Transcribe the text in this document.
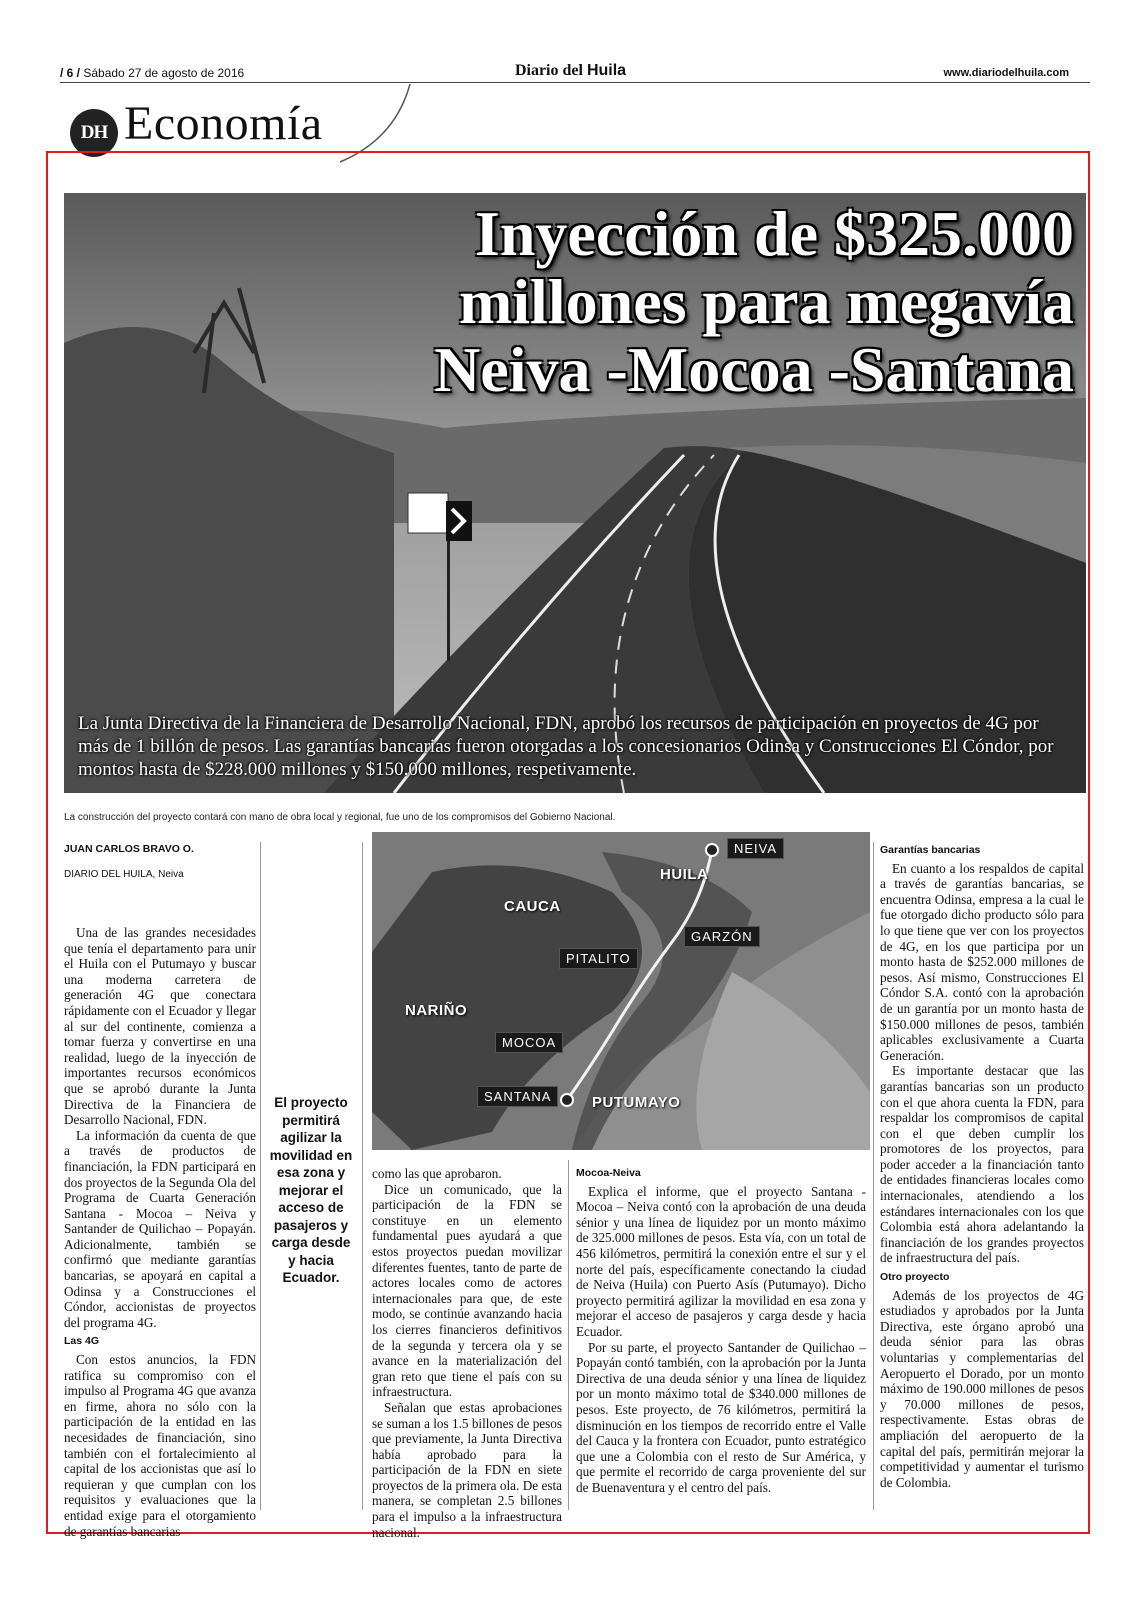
/ 6 / Sábado 27 de agosto de 2016	Diario del Huila	www.diariodelhuila.com
DH Economía
Inyección de $325.000
millones para megavía
Neiva -Mocoa -Santana
La Junta Directiva de la Financiera de Desarrollo Nacional, FDN, aprobó los recursos de participación en proyectos de 4G por más de 1 billón de pesos. Las garantías bancarias fueron otorgadas a los concesionarios Odinsa y Construcciones El Cóndor, por montos hasta de $228.000 millones y $150.000 millones, respetivamente.
La construcción del proyecto contará con mano de obra local y regional, fue uno de los compromisos del Gobierno Nacional.
JUAN CARLOS BRAVO O.
DIARIO DEL HUILA, Neiva

Una de las grandes necesidades que tenía el departamento para unir el Huila con el Putumayo y buscar una moderna carretera de generación 4G que conectara rápidamente con el Ecuador y llegar al sur del continente, comienza a tomar fuerza y convertirse en una realidad, luego de la inyección de importantes recursos económicos que se aprobó durante la Junta Directiva de la Financiera de Desarrollo Nacional, FDN.

La información da cuenta de que a través de productos de financiación, la FDN participará en dos proyectos de la Segunda Ola del Programa de Cuarta Generación Santana - Mocoa – Neiva y Santander de Quilichao – Popayán. Adicionalmente, también se confirmó que mediante garantías bancarias, se apoyará en capital a Odinsa y a Construcciones el Cóndor, accionistas de proyectos del programa 4G.

Las 4G

Con estos anuncios, la FDN ratifica su compromiso con el impulso al Programa 4G que avanza en firme, ahora no sólo con la participación de la entidad en las necesidades de financiación, sino también con el fortalecimiento al capital de los accionistas que así lo requieran y que cumplan con los requisitos y evaluaciones que la entidad exige para el otorgamiento de garantías bancarias

El proyecto permitirá agilizar la movilidad en esa zona y mejorar el acceso de pasajeros y carga desde y hacia Ecuador.
NEIVA
HUILA
CAUCA
GARZÓN
PITALITO
NARIÑO
MOCOA
SANTANA	PUTUMAYO

como las que aprobaron.

Dice un comunicado, que la participación de la FDN se constituye en un elemento fundamental pues ayudará a que estos proyectos puedan movilizar diferentes fuentes, tanto de parte de actores locales como de actores internacionales para que, de este modo, se continúe avanzando hacia los cierres financieros definitivos de la segunda y tercera ola y se avance en la materialización del gran reto que tiene el país con su infraestructura.

Señalan que estas aprobaciones se suman a los 1.5 billones de pesos que previamente, la Junta Directiva había aprobado para la participación de la FDN en siete proyectos de la primera ola. De esta manera, se completan 2.5 billones para el impulso a la infraestructura nacional.

Mocoa-Neiva

Explica el informe, que el proyecto Santana - Mocoa – Neiva contó con la aprobación de una deuda sénior y una línea de liquidez por un monto máximo de 325.000 millones de pesos. Esta vía, con un total de 456 kilómetros, permitirá la conexión entre el sur y el norte del país, específicamente conectando la ciudad de Neiva (Huila) con Puerto Asís (Putumayo). Dicho proyecto permitirá agilizar la movilidad en esa zona y mejorar el acceso de pasajeros y carga desde y hacia Ecuador.

Por su parte, el proyecto Santander de Quilichao – Popayán contó también, con la aprobación por la Junta Directiva de una deuda sénior y una línea de liquidez por un monto máximo total de $340.000 millones de pesos. Este proyecto, de 76 kilómetros, permitirá la disminución en los tiempos de recorrido entre el Valle del Cauca y la frontera con Ecuador, punto estratégico que une a Colombia con el resto de Sur América, y que permite el recorrido de carga proveniente del sur de Buenaventura y el centro del país.

Garantías bancarias

En cuanto a los respaldos de capital a través de garantías bancarias, se encuentra Odinsa, empresa a la cual le fue otorgado dicho producto sólo para lo que tiene que ver con los proyectos de 4G, en los que participa por un monto hasta de $252.000 millones de pesos. Así mismo, Construcciones El Cóndor S.A. contó con la aprobación de un garantía por un monto hasta de $150.000 millones de pesos, también aplicables exclusivamente a Cuarta Generación.

Es importante destacar que las garantías bancarias son un producto con el que ahora cuenta la FDN, para respaldar los compromisos de capital con el que deben cumplir los promotores de los proyectos, para poder acceder a la financiación tanto de entidades financieras locales como internacionales, atendiendo a los estándares internacionales con los que Colombia está ahora adelantando la financiación de los grandes proyectos de infraestructura del país.

Otro proyecto

Además de los proyectos de 4G estudiados y aprobados por la Junta Directiva, este órgano aprobó una deuda sénior para las obras voluntarias y complementarias del Aeropuerto el Dorado, por un monto máximo de 190.000 millones de pesos y 70.000 millones de pesos, respectivamente. Estas obras de ampliación del aeropuerto de la capital del país, permitirán mejorar la competitividad y aumentar el turismo de Colombia.
